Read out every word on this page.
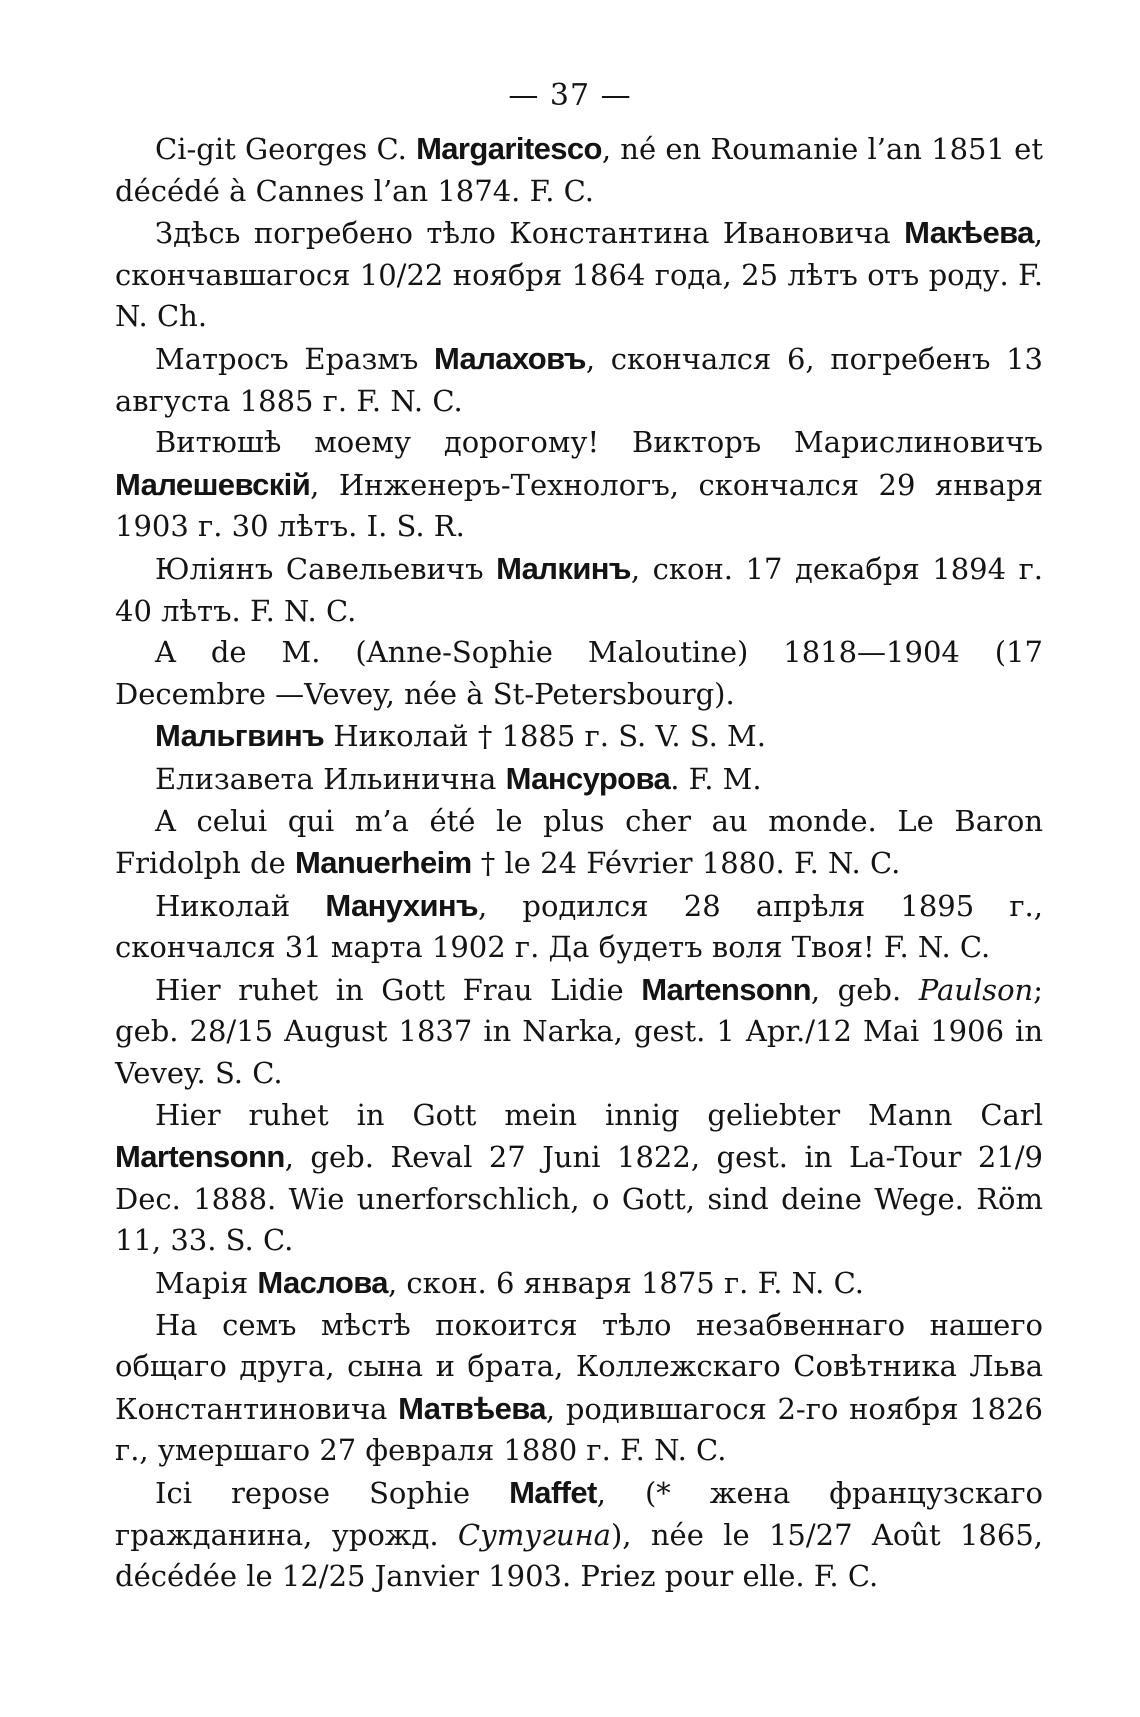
— 37 —

Ci-git Georges C. Margaritesco, né en Roumanie l’an 1851 et décédé à Cannes l’an 1874. F. C.

Здѣсь погребено тѣло Константина Ивановича Макѣева, скончавшагося 10/22 ноября 1864 года, 25 лѣтъ отъ роду. F. N. Ch.

Матросъ Еразмъ Малаховъ, скончался 6, погребенъ 13 августа 1885 г. F. N. C.

Витюшѣ моему дорогому! Викторъ Марислиновичъ Малешевскій, Инженеръ-Технологъ, скончался 29 января 1903 г. 30 лѣтъ. I. S. R.

Юліянъ Савельевичъ Малкинъ, скон. 17 декабря 1894 г. 40 лѣтъ. F. N. C.

A de M. (Anne-Sophie Maloutine) 1818—1904 (17 Decembre —Vevey, née à St-Petersbourg).

Мальгвинъ Николай † 1885 г. S. V. S. M.

Елизавета Ильинична Мансурова. F. M.

A celui qui m’a été le plus cher au monde. Le Baron Fridolph de Manuerheim † le 24 Février 1880. F. N. C.

Николай Манухинъ, родился 28 апрѣля 1895 г., скончался 31 марта 1902 г. Да будетъ воля Твоя! F. N. C.

Hier ruhet in Gott Frau Lidie Martensonn, geb. Paulson; geb. 28/15 August 1837 in Narka, gest. 1 Apr./12 Mai 1906 in Vevey. S. C.

Hier ruhet in Gott mein innig geliebter Mann Carl Martensonn, geb. Reval 27 Juni 1822, gest. in La-Tour 21/9 Dec. 1888. Wie unerforschlich, o Gott, sind deine Wege. Röm 11, 33. S. C.

Марія Маслова, скон. 6 января 1875 г. F. N. C.

На семъ мѣстѣ покоится тѣло незабвеннаго нашего общаго друга, сына и брата, Коллежскаго Совѣтника Льва Константиновича Матвѣева, родившагося 2-го ноября 1826 г., умершаго 27 февраля 1880 г. F. N. C.

Ici repose Sophie Maffet, (* жена французскаго гражданина, урожд. Сутугина), née le 15/27 Août 1865, décédée le 12/25 Janvier 1903. Priez pour elle. F. C.
